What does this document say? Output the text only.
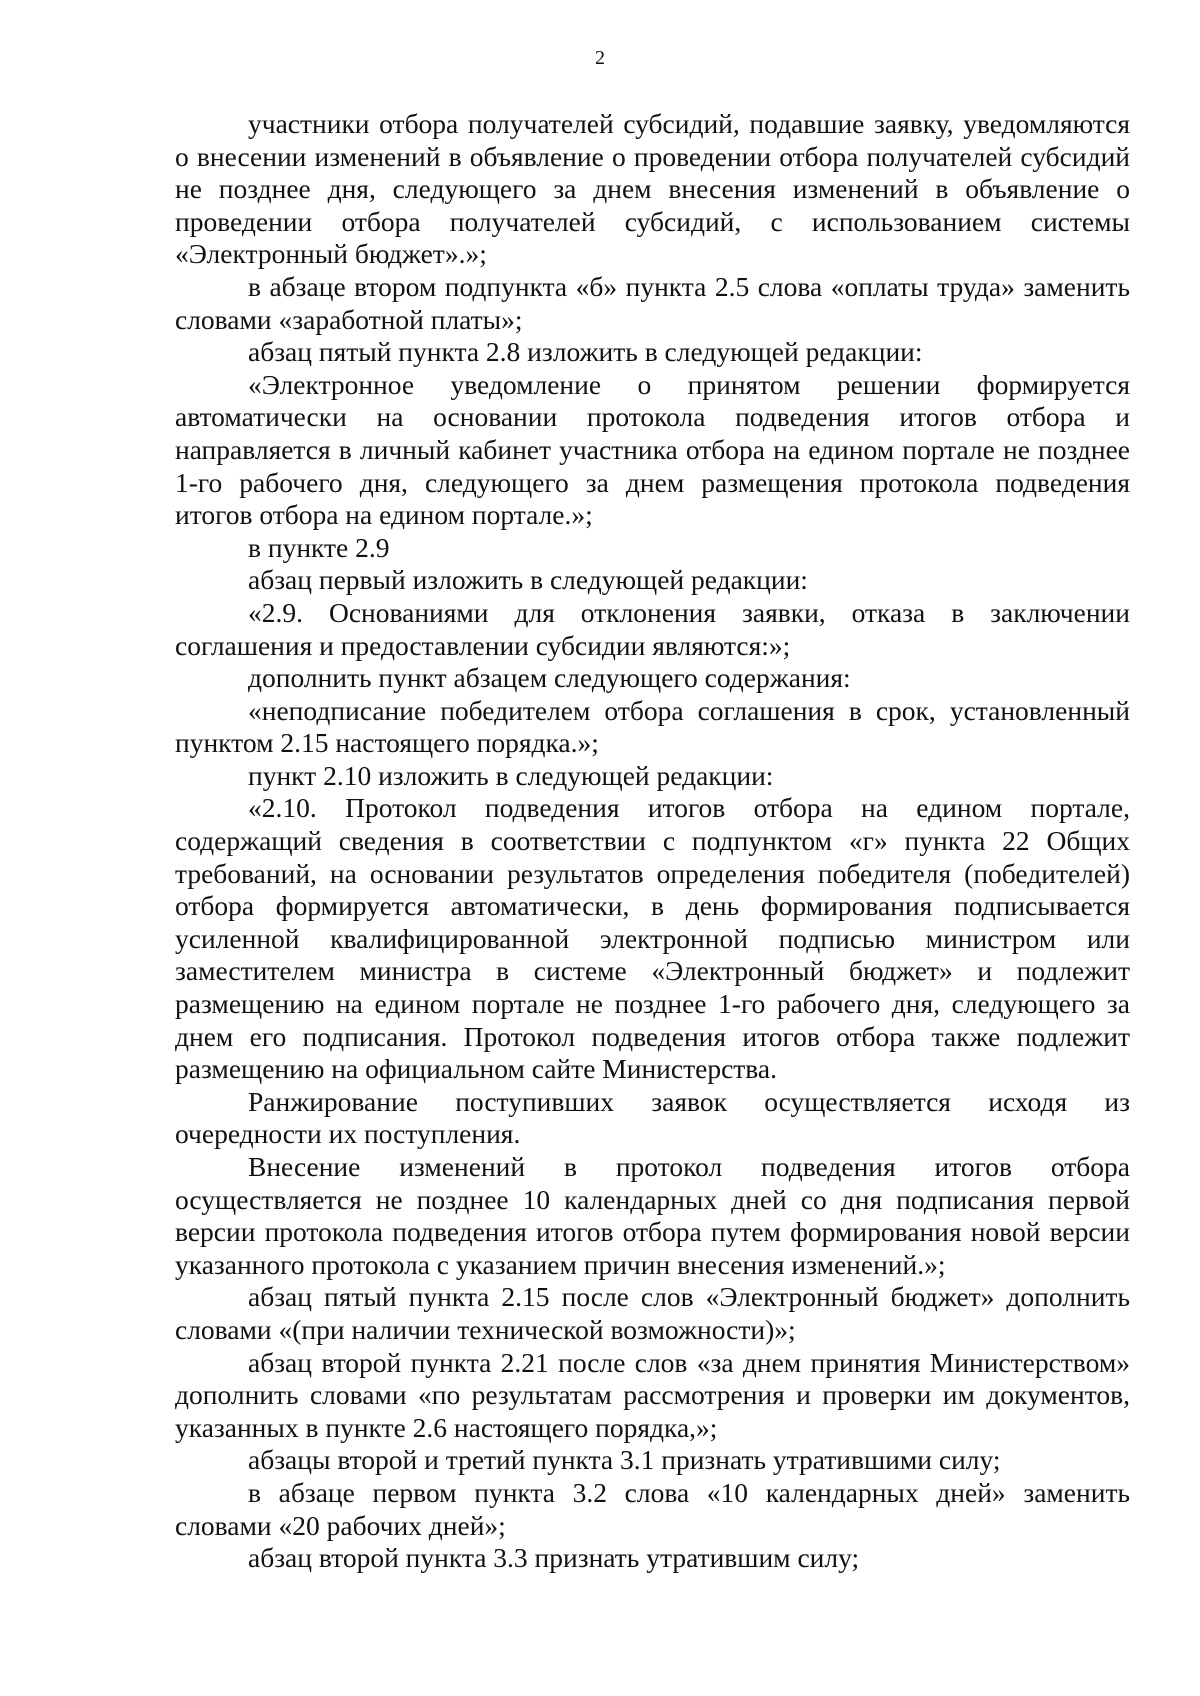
2

участники отбора получателей субсидий, подавшие заявку, уведомляются о внесении изменений в объявление о проведении отбора получателей субсидий не позднее дня, следующего за днем внесения изменений в объявление о проведении отбора получателей субсидий, с использованием системы «Электронный бюджет».»;

в абзаце втором подпункта «б» пункта 2.5 слова «оплаты труда» заменить словами «заработной платы»;

абзац пятый пункта 2.8 изложить в следующей редакции:

«Электронное уведомление о принятом решении формируется автоматически на основании протокола подведения итогов отбора и направляется в личный кабинет участника отбора на едином портале не позднее 1-го рабочего дня, следующего за днем размещения протокола подведения итогов отбора на едином портале.»;

в пункте 2.9

абзац первый изложить в следующей редакции:

«2.9. Основаниями для отклонения заявки, отказа в заключении соглашения и предоставлении субсидии являются:»;

дополнить пункт абзацем следующего содержания:

«неподписание победителем отбора соглашения в срок, установленный пунктом 2.15 настоящего порядка.»;

пункт 2.10 изложить в следующей редакции:

«2.10. Протокол подведения итогов отбора на едином портале, содержащий сведения в соответствии с подпунктом «г» пункта 22 Общих требований, на основании результатов определения победителя (победителей) отбора формируется автоматически, в день формирования подписывается усиленной квалифицированной электронной подписью министром или заместителем министра в системе «Электронный бюджет» и подлежит размещению на едином портале не позднее 1-го рабочего дня, следующего за днем его подписания. Протокол подведения итогов отбора также подлежит размещению на официальном сайте Министерства.

Ранжирование поступивших заявок осуществляется исходя из очередности их поступления.

Внесение изменений в протокол подведения итогов отбора осуществляется не позднее 10 календарных дней со дня подписания первой версии протокола подведения итогов отбора путем формирования новой версии указанного протокола с указанием причин внесения изменений.»;

абзац пятый пункта 2.15 после слов «Электронный бюджет» дополнить словами «(при наличии технической возможности)»;

абзац второй пункта 2.21 после слов «за днем принятия Министерством» дополнить словами «по результатам рассмотрения и проверки им документов, указанных в пункте 2.6 настоящего порядка,»;

абзацы второй и третий пункта 3.1 признать утратившими силу;

в абзаце первом пункта 3.2 слова «10 календарных дней» заменить словами «20 рабочих дней»;

абзац второй пункта 3.3 признать утратившим силу;
